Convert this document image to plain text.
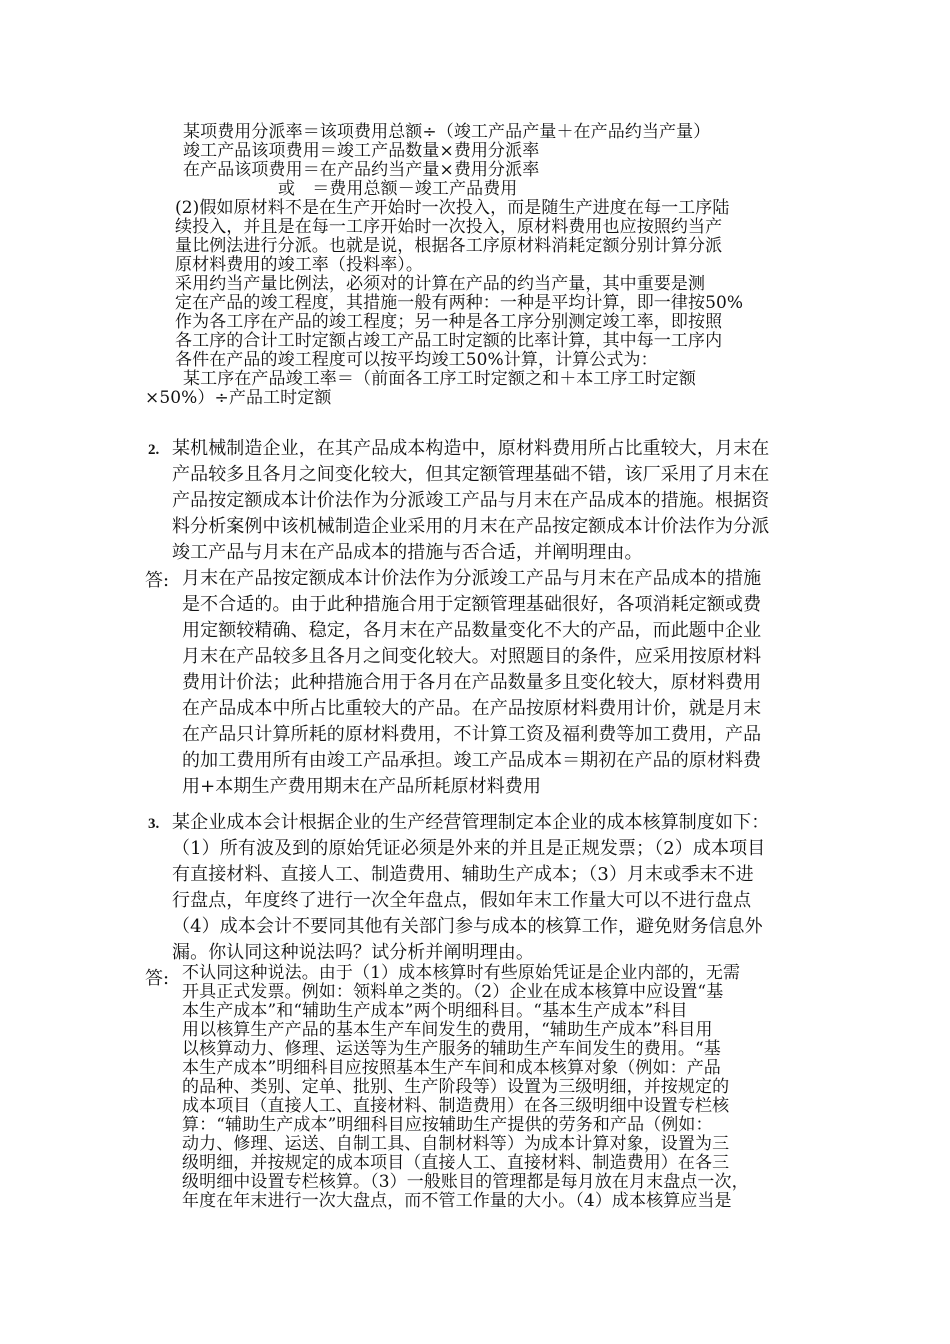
某项费用分派率＝该项费用总额÷（竣工产品产量＋在产品约当产量）
竣工产品该项费用＝竣工产品数量×费用分派率
在产品该项费用＝在产品约当产量×费用分派率
或　＝费用总额－竣工产品费用
(2)假如原材料不是在生产开始时一次投入，而是随生产进度在每一工序陆
续投入，并且是在每一工序开始时一次投入，原材料费用也应按照约当产
量比例法进行分派。也就是说，根据各工序原材料消耗定额分别计算分派
原材料费用的竣工率（投料率）。
采用约当产量比例法，必须对的计算在产品的约当产量，其中重要是测
定在产品的竣工程度，其措施一般有两种：一种是平均计算，即一律按50%
作为各工序在产品的竣工程度；另一种是各工序分别测定竣工率，即按照
各工序的合计工时定额占竣工产品工时定额的比率计算，其中每一工序内
各件在产品的竣工程度可以按平均竣工50%计算，计算公式为：
某工序在产品竣工率＝（前面各工序工时定额之和＋本工序工时定额
×50%）÷产品工时定额
2. 某机械制造企业，在其产品成本构造中，原材料费用所占比重较大，月末在
产品较多且各月之间变化较大，但其定额管理基础不错，该厂采用了月末在
产品按定额成本计价法作为分派竣工产品与月末在产品成本的措施。根据资
料分析案例中该机械制造企业采用的月末在产品按定额成本计价法作为分派
竣工产品与月末在产品成本的措施与否合适，并阐明理由。
答: 月末在产品按定额成本计价法作为分派竣工产品与月末在产品成本的措施
是不合适的。由于此种措施合用于定额管理基础很好，各项消耗定额或费
用定额较精确、稳定，各月末在产品数量变化不大的产品，而此题中企业
月末在产品较多且各月之间变化较大。对照题目的条件，应采用按原材料
费用计价法；此种措施合用于各月在产品数量多且变化较大，原材料费用
在产品成本中所占比重较大的产品。在产品按原材料费用计价，就是月末
在产品只计算所耗的原材料费用，不计算工资及福利费等加工费用，产品
的加工费用所有由竣工产品承担。竣工产品成本＝期初在产品的原材料费
用+本期生产费用期末在产品所耗原材料费用
3. 某企业成本会计根据企业的生产经营管理制定本企业的成本核算制度如下：
（1）所有波及到的原始凭证必须是外来的并且是正规发票；（2）成本项目
有直接材料、直接人工、制造费用、辅助生产成本；（3）月末或季末不进
行盘点，年度终了进行一次全年盘点，假如年末工作量大可以不进行盘点
（4）成本会计不要同其他有关部门参与成本的核算工作，避免财务信息外
漏。你认同这种说法吗？试分析并阐明理由。
答: 不认同这种说法。由于（1）成本核算时有些原始凭证是企业内部的，无需
开具正式发票。例如：领料单之类的。（2）企业在成本核算中应设置“基
本生产成本”和“辅助生产成本”两个明细科目。“基本生产成本”科目
用以核算生产产品的基本生产车间发生的费用，“辅助生产成本”科目用
以核算动力、修理、运送等为生产服务的辅助生产车间发生的费用。“基
本生产成本”明细科目应按照基本生产车间和成本核算对象（例如：产品
的品种、类别、定单、批别、生产阶段等）设置为三级明细，并按规定的
成本项目（直接人工、直接材料、制造费用）在各三级明细中设置专栏核
算：“辅助生产成本”明细科目应按辅助生产提供的劳务和产品（例如：
动力、修理、运送、自制工具、自制材料等）为成本计算对象，设置为三
级明细，并按规定的成本项目（直接人工、直接材料、制造费用）在各三
级明细中设置专栏核算。（3）一般账目的管理都是每月放在月末盘点一次，
年度在年末进行一次大盘点，而不管工作量的大小。（4）成本核算应当是
